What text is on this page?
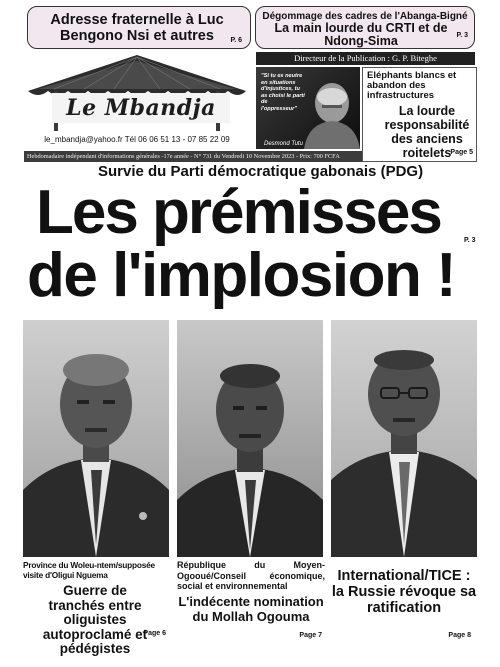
Adresse fraternelle à Luc Bengono Nsi et autres	P. 6
Dégommage des cadres de l'Abanga-Bigné
La main lourde du CRTI et de Ndong-Sima	P. 3
Le Mbandja
le_mbandja@yahoo.fr Tél 06 06 51 13 - 07 85 22 09
Directeur de la Publication : G. P. Biteghe
"Si tu es neutre en situations d'injustices, tu as choisi le parti de l'oppresseur"
Desmond Tutu
Eléphants blancs et abandon des infrastructures
La lourde responsabilité des anciens roitelets Page 5
Hebdomadaire indépendant d'informations générales -17e année - N° 731 du Vendredi 10 Novembre 2023 - Prix: 700 FCFA
Survie du Parti démocratique gabonais (PDG)
Les prémisses
de l'implosion !
P. 3
Province du Woleu-ntem/supposée visite d'Oligui Nguema
Guerre de tranchés entre oliguistes autoproclamé et pédégistes
Page 6
République du Moyen-Ogooué/Conseil économique, social et environnemental
L'indécente nomination du Mollah Ogouma
Page 7
International/TICE : la Russie révoque sa ratification
Page 8
